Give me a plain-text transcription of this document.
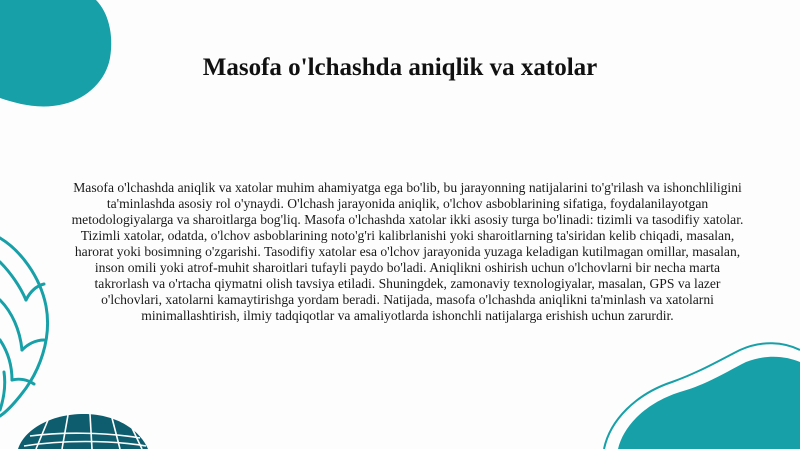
Masofa o'lchashda aniqlik va xatolar

Masofa o'lchashda aniqlik va xatolar muhim ahamiyatga ega bo'lib, bu jarayonning natijalarini to'g'rilash va ishonchliligini ta'minlashda asosiy rol o'ynaydi. O'lchash jarayonida aniqlik, o'lchov asboblarining sifatiga, foydalanilayotgan metodologiyalarga va sharoitlarga bog'liq. Masofa o'lchashda xatolar ikki asosiy turga bo'linadi: tizimli va tasodifiy xatolar. Tizimli xatolar, odatda, o'lchov asboblarining noto'g'ri kalibrlanishi yoki sharoitlarning ta'siridan kelib chiqadi, masalan, harorat yoki bosimning o'zgarishi. Tasodifiy xatolar esa o'lchov jarayonida yuzaga keladigan kutilmagan omillar, masalan, inson omili yoki atrof-muhit sharoitlari tufayli paydo bo'ladi. Aniqlikni oshirish uchun o'lchovlarni bir necha marta takrorlash va o'rtacha qiymatni olish tavsiya etiladi. Shuningdek, zamonaviy texnologiyalar, masalan, GPS va lazer o'lchovlari, xatolarni kamaytirishga yordam beradi. Natijada, masofa o'lchashda aniqlikni ta'minlash va xatolarni minimallashtirish, ilmiy tadqiqotlar va amaliyotlarda ishonchli natijalarga erishish uchun zarurdir.
